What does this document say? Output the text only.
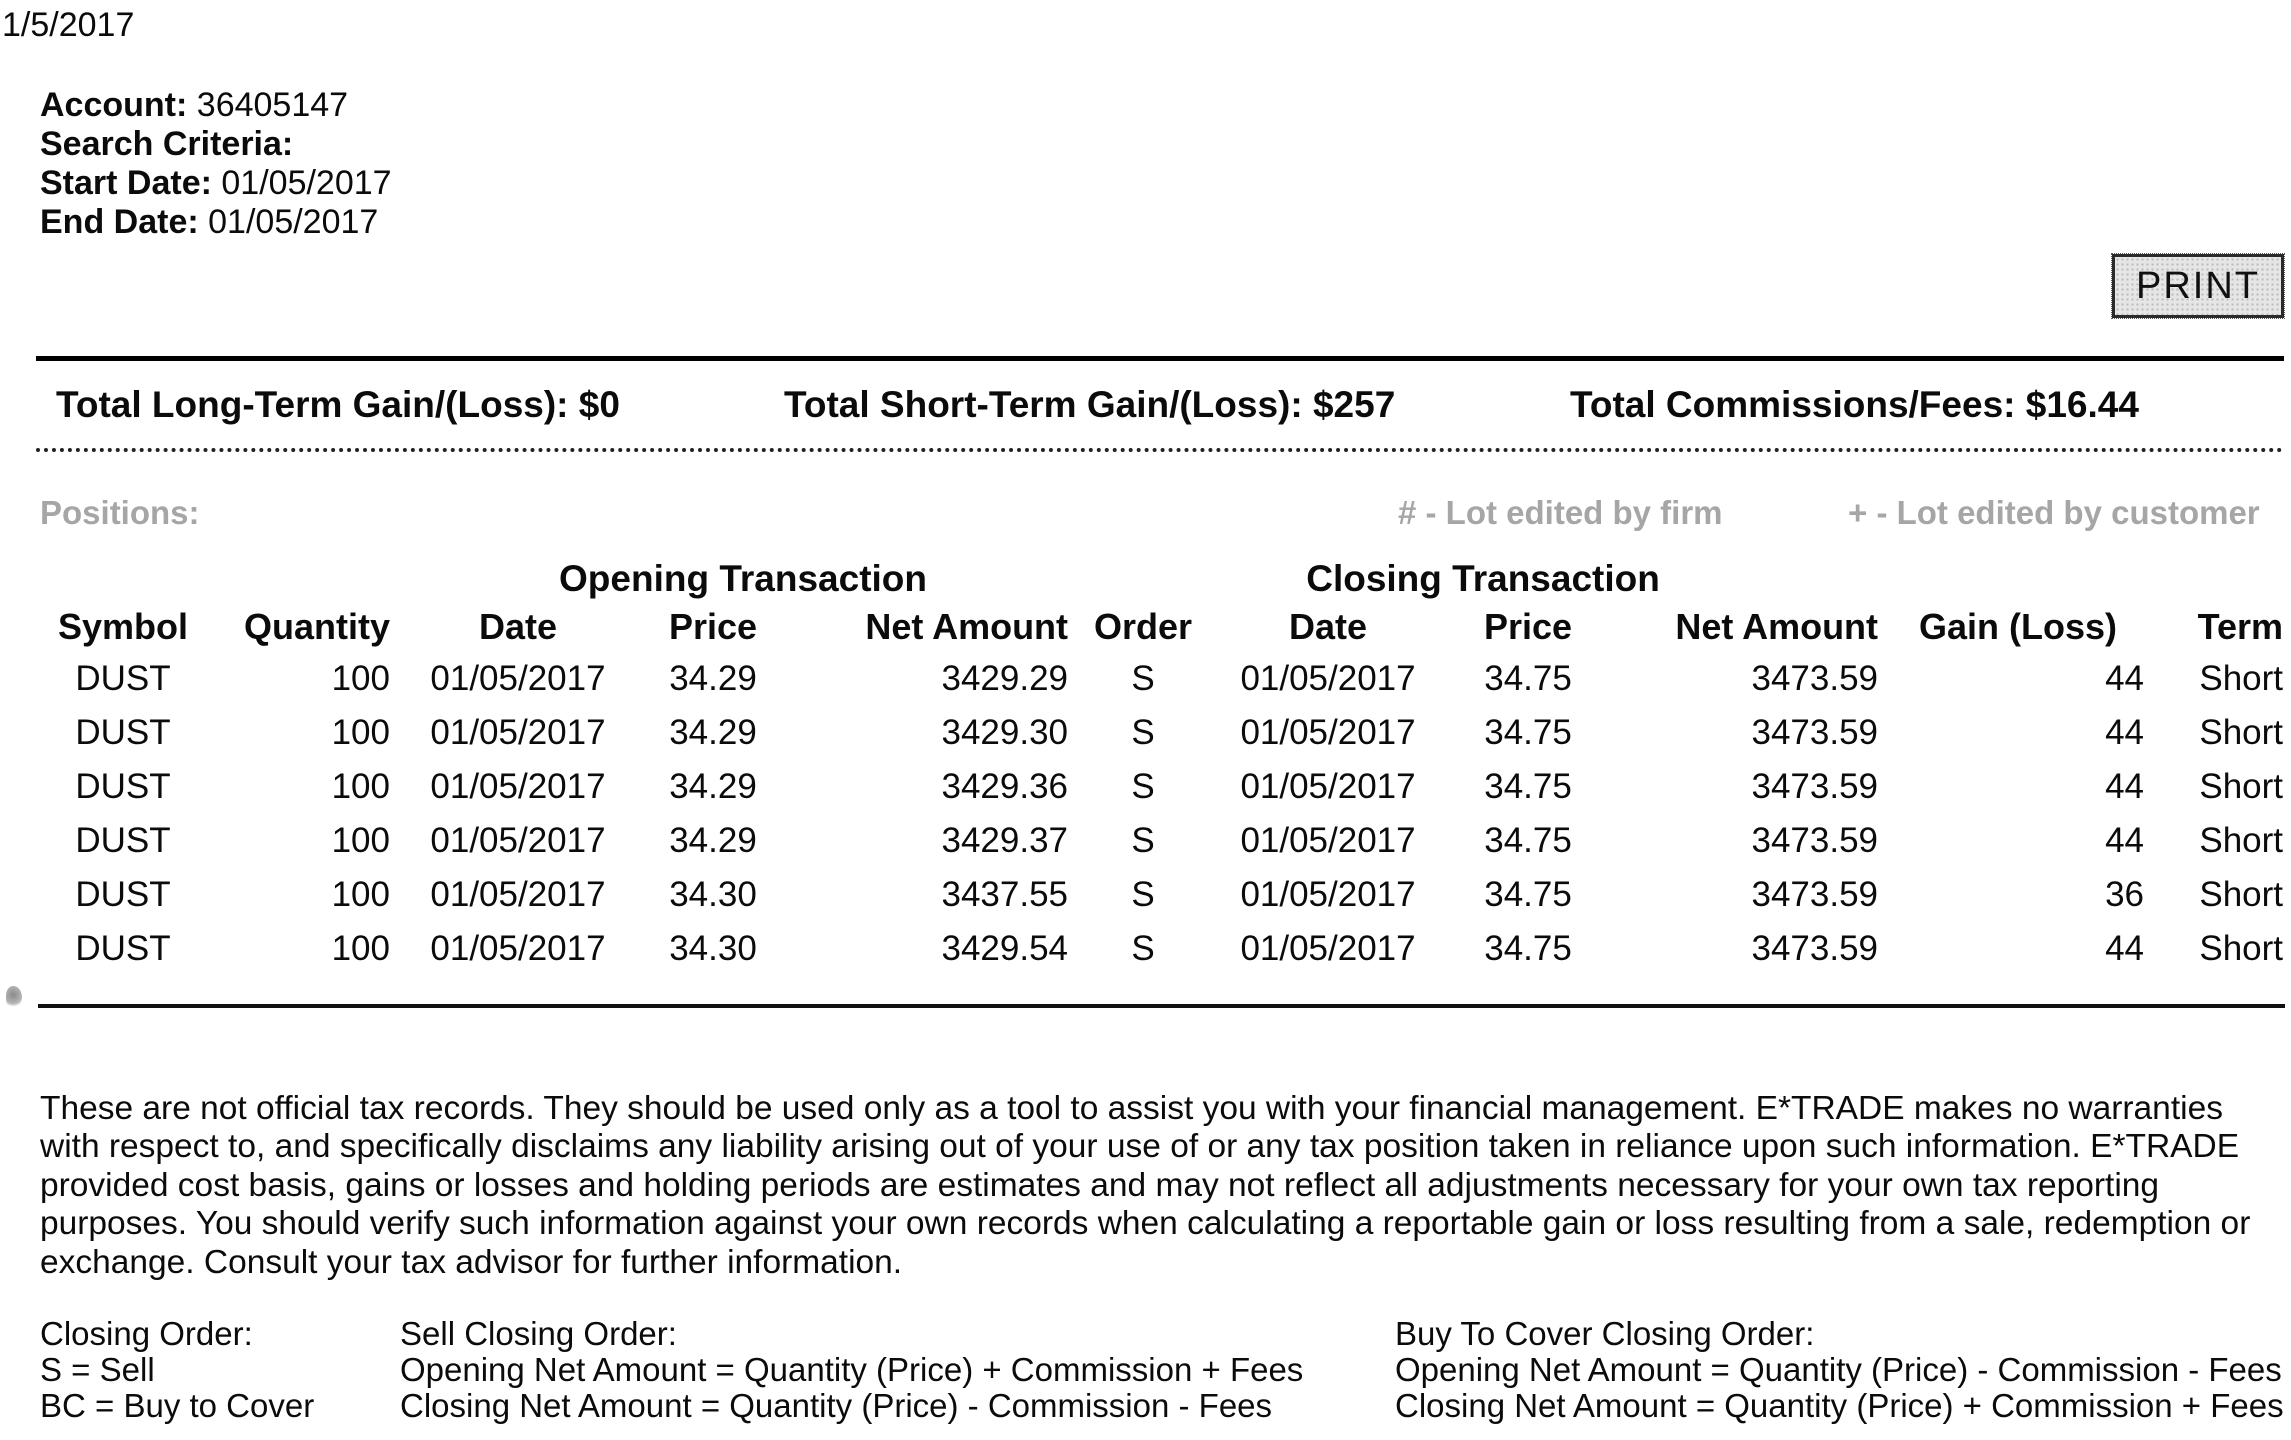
1/5/2017
Account: 36405147
Search Criteria:
Start Date: 01/05/2017
End Date: 01/05/2017
PRINT
Total Long-Term Gain/(Loss): $0	Total Short-Term Gain/(Loss): $257	Total Commissions/Fees: $16.44
Positions:	# - Lot edited by firm	+ - Lot edited by customer
		Opening Transaction			Closing Transaction					
Symbol	Quantity	Date	Price	Net Amount	Order	Date	Price	Net Amount	Gain (Loss)	Term
DUST	100	01/05/2017	34.29	3429.29	S	01/05/2017	34.75	3473.59	44	Short
DUST	100	01/05/2017	34.29	3429.30	S	01/05/2017	34.75	3473.59	44	Short
DUST	100	01/05/2017	34.29	3429.36	S	01/05/2017	34.75	3473.59	44	Short
DUST	100	01/05/2017	34.29	3429.37	S	01/05/2017	34.75	3473.59	44	Short
DUST	100	01/05/2017	34.30	3437.55	S	01/05/2017	34.75	3473.59	36	Short
DUST	100	01/05/2017	34.30	3429.54	S	01/05/2017	34.75	3473.59	44	Short

These are not official tax records. They should be used only as a tool to assist you with your financial management. E*TRADE makes no warranties with respect to, and specifically disclaims any liability arising out of your use of or any tax position taken in reliance upon such information. E*TRADE provided cost basis, gains or losses and holding periods are estimates and may not reflect all adjustments necessary for your own tax reporting purposes. You should verify such information against your own records when calculating a reportable gain or loss resulting from a sale, redemption or exchange. Consult your tax advisor for further information.

Closing Order:
S = Sell
BC = Buy to Cover
Sell Closing Order:
Opening Net Amount = Quantity (Price) + Commission + Fees
Closing Net Amount = Quantity (Price) - Commission - Fees
Buy To Cover Closing Order:
Opening Net Amount = Quantity (Price) - Commission - Fees
Closing Net Amount = Quantity (Price) + Commission + Fees
